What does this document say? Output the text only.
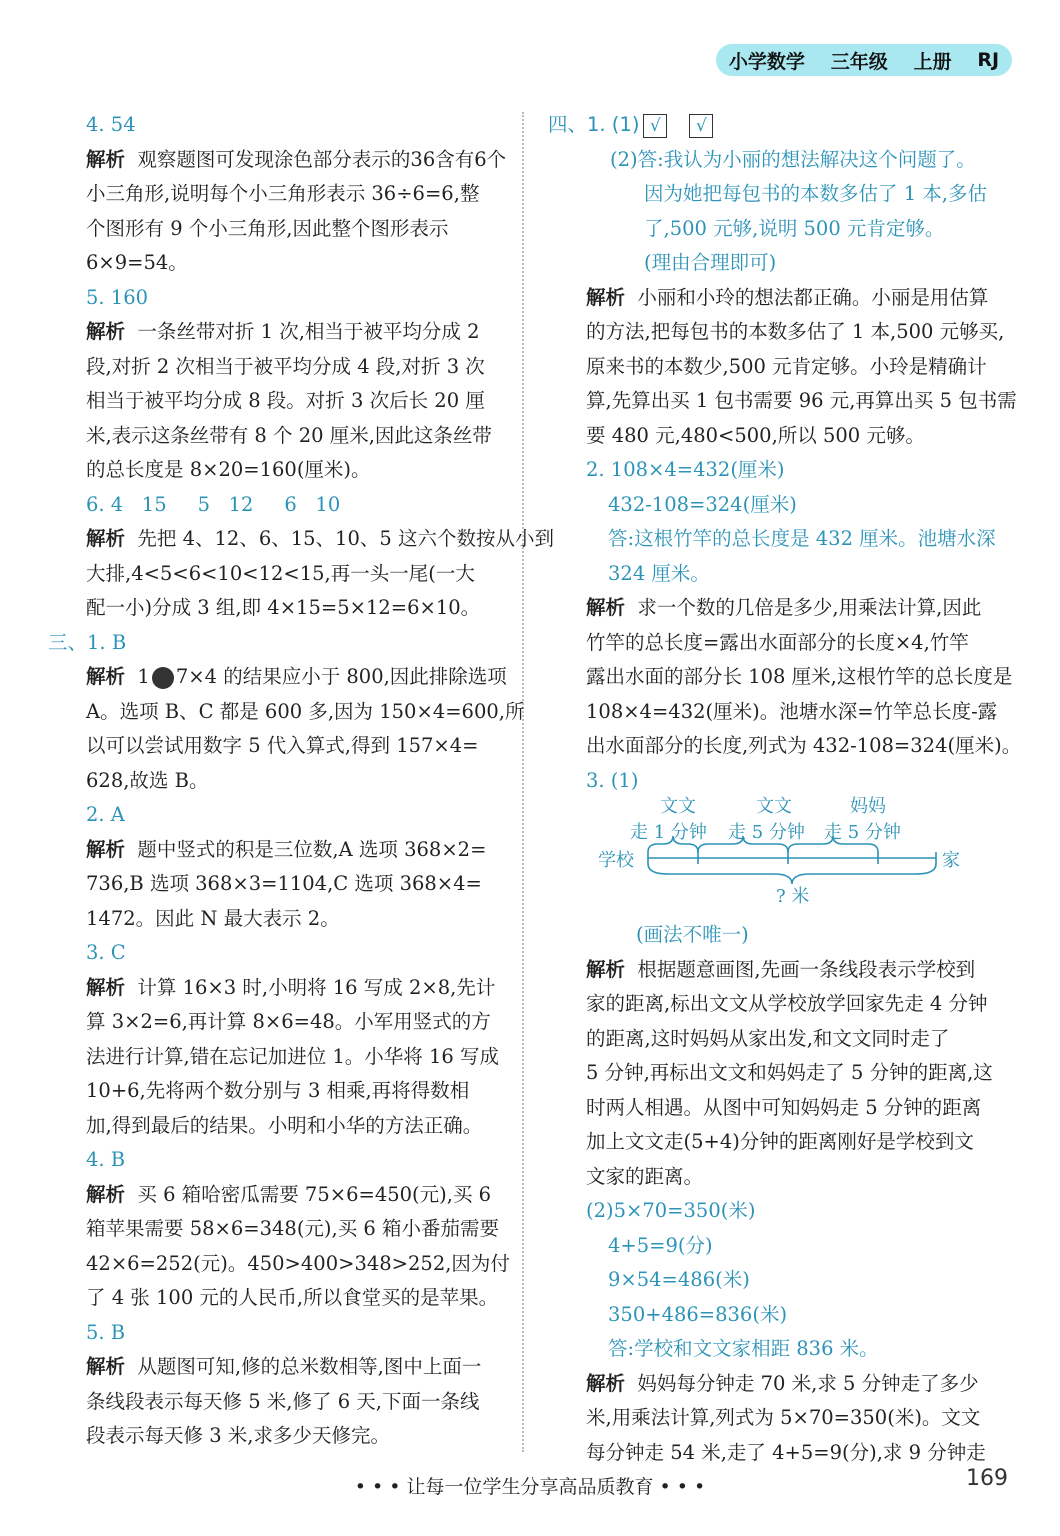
小学数学 三年级 上册 RJ
4. 54
解析 观察题图可发现涂色部分表示的36含有6个
小三角形,说明每个小三角形表示 36÷6=6,整
个图形有 9 个小三角形,因此整个图形表示
6×9=54。
5. 160
解析 一条丝带对折 1 次,相当于被平均分成 2
段,对折 2 次相当于被平均分成 4 段,对折 3 次
相当于被平均分成 8 段。对折 3 次后长 20 厘
米,表示这条丝带有 8 个 20 厘米,因此这条丝带
的总长度是 8×20=160(厘米)。
6. 4   15     5   12     6   10
解析 先把 4、12、6、15、10、5 这六个数按从小到
大排,4<5<6<10<12<15,再一头一尾(一大
配一小)分成 3 组,即 4×15=5×12=6×10。
三、1. B
解析 1 7×4 的结果应小于 800,因此排除选项
A。选项 B、C 都是 600 多,因为 150×4=600,所
以可以尝试用数字 5 代入算式,得到 157×4=
628,故选 B。
2. A
解析 题中竖式的积是三位数,A 选项 368×2=
736,B 选项 368×3=1104,C 选项 368×4=
1472。因此 N 最大表示 2。
3. C
解析 计算 16×3 时,小明将 16 写成 2×8,先计
算 3×2=6,再计算 8×6=48。小军用竖式的方
法进行计算,错在忘记加进位 1。小华将 16 写成
10+6,先将两个数分别与 3 相乘,再将得数相
加,得到最后的结果。小明和小华的方法正确。
4. B
解析 买 6 箱哈密瓜需要 75×6=450(元),买 6
箱苹果需要 58×6=348(元),买 6 箱小番茄需要
42×6=252(元)。450>400>348>252,因为付
了 4 张 100 元的人民币,所以食堂买的是苹果。
5. B
解析 从题图可知,修的总米数相等,图中上面一
条线段表示每天修 5 米,修了 6 天,下面一条线
段表示每天修 3 米,求多少天修完。
四、1. (1) √ √
(2)答:我认为小丽的想法解决这个问题了。
因为她把每包书的本数多估了 1 本,多估
了,500 元够,说明 500 元肯定够。
(理由合理即可)
解析 小丽和小玲的想法都正确。小丽是用估算
的方法,把每包书的本数多估了 1 本,500 元够买,
原来书的本数少,500 元肯定够。小玲是精确计
算,先算出买 1 包书需要 96 元,再算出买 5 包书需
要 480 元,480<500,所以 500 元够。
2. 108×4=432(厘米)
432-108=324(厘米)
答:这根竹竿的总长度是 432 厘米。池塘水深
324 厘米。
解析 求一个数的几倍是多少,用乘法计算,因此
竹竿的总长度=露出水面部分的长度×4,竹竿
露出水面的部分长 108 厘米,这根竹竿的总长度是
108×4=432(厘米)。池塘水深=竹竿总长度-露
出水面部分的长度,列式为 432-108=324(厘米)。
3. (1)
文文	文文	妈妈
走 1 分钟 走 5 分钟 走 5 分钟
学校	家
? 米
(画法不唯一)
解析 根据题意画图,先画一条线段表示学校到
家的距离,标出文文从学校放学回家先走 4 分钟
的距离,这时妈妈从家出发,和文文同时走了
5 分钟,再标出文文和妈妈走了 5 分钟的距离,这
时两人相遇。从图中可知妈妈走 5 分钟的距离
加上文文走(5+4)分钟的距离刚好是学校到文
文家的距离。
(2)5×70=350(米)
4+5=9(分)
9×54=486(米)
350+486=836(米)
答:学校和文文家相距 836 米。
解析 妈妈每分钟走 70 米,求 5 分钟走了多少
米,用乘法计算,列式为 5×70=350(米)。文文
每分钟走 54 米,走了 4+5=9(分),求 9 分钟走
• • • 让每一位学生分享高品质教育 • • •	169
